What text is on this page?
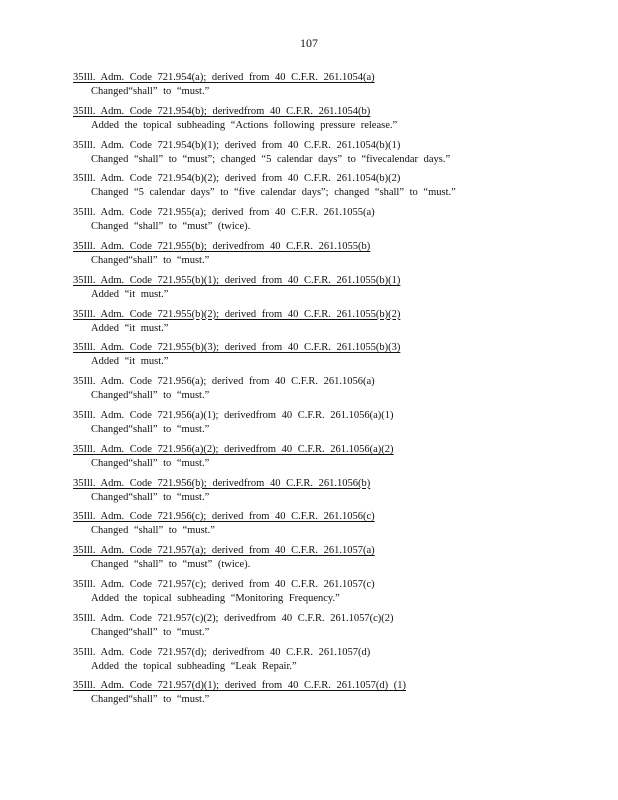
107
35Ill. Adm. Code 721.954(a); derived from 40 C.F.R. 261.1054(a)
Changed“shall” to “must.”
35Ill. Adm. Code 721.954(b); derivedfrom 40 C.F.R. 261.1054(b)
Added the topical subheading “Actions following pressure release.”
35Ill. Adm. Code 721.954(b)(1); derived from 40 C.F.R. 261.1054(b)(1)
Changed “shall” to “must”; changed “5 calendar days” to “fivecalendar days.”
35Ill. Adm. Code 721.954(b)(2); derived from 40 C.F.R. 261.1054(b)(2)
Changed “5 calendar days” to “five calendar days”; changed “shall” to “must.”
35Ill. Adm. Code 721.955(a); derived from 40 C.F.R. 261.1055(a)
Changed “shall” to “must” (twice).
35Ill. Adm. Code 721.955(b); derivedfrom 40 C.F.R. 261.1055(b)
Changed“shall” to “must.”
35Ill. Adm. Code 721.955(b)(1); derived from 40 C.F.R. 261.1055(b)(1)
Added “it must.”
35Ill. Adm. Code 721.955(b)(2); derived from 40 C.F.R. 261.1055(b)(2)
Added “it must.”
35Ill. Adm. Code 721.955(b)(3); derived from 40 C.F.R. 261.1055(b)(3)
Added “it must.”
35Ill. Adm. Code 721.956(a); derived from 40 C.F.R. 261.1056(a)
Changed“shall” to “must.”
35Ill. Adm. Code 721.956(a)(1); derivedfrom 40 C.F.R. 261.1056(a)(1)
Changed“shall” to “must.”
35Ill. Adm. Code 721.956(a)(2); derivedfrom 40 C.F.R. 261.1056(a)(2)
Changed“shall” to “must.”
35Ill. Adm. Code 721.956(b); derivedfrom 40 C.F.R. 261.1056(b)
Changed“shall” to “must.”
35Ill. Adm. Code 721.956(c); derived from 40 C.F.R. 261.1056(c)
Changed “shall” to “must.”
35Ill. Adm. Code 721.957(a); derived from 40 C.F.R. 261.1057(a)
Changed “shall” to “must” (twice).
35Ill. Adm. Code 721.957(c); derived from 40 C.F.R. 261.1057(c)
Added the topical subheading “Monitoring Frequency.”
35Ill. Adm. Code 721.957(c)(2); derivedfrom 40 C.F.R. 261.1057(c)(2)
Changed“shall” to “must.”
35Ill. Adm. Code 721.957(d); derivedfrom 40 C.F.R. 261.1057(d)
Added the topical subheading “Leak Repair.”
35Ill. Adm. Code 721.957(d)(1); derived from 40 C.F.R. 261.1057(d) (1)
Changed“shall” to “must.”
